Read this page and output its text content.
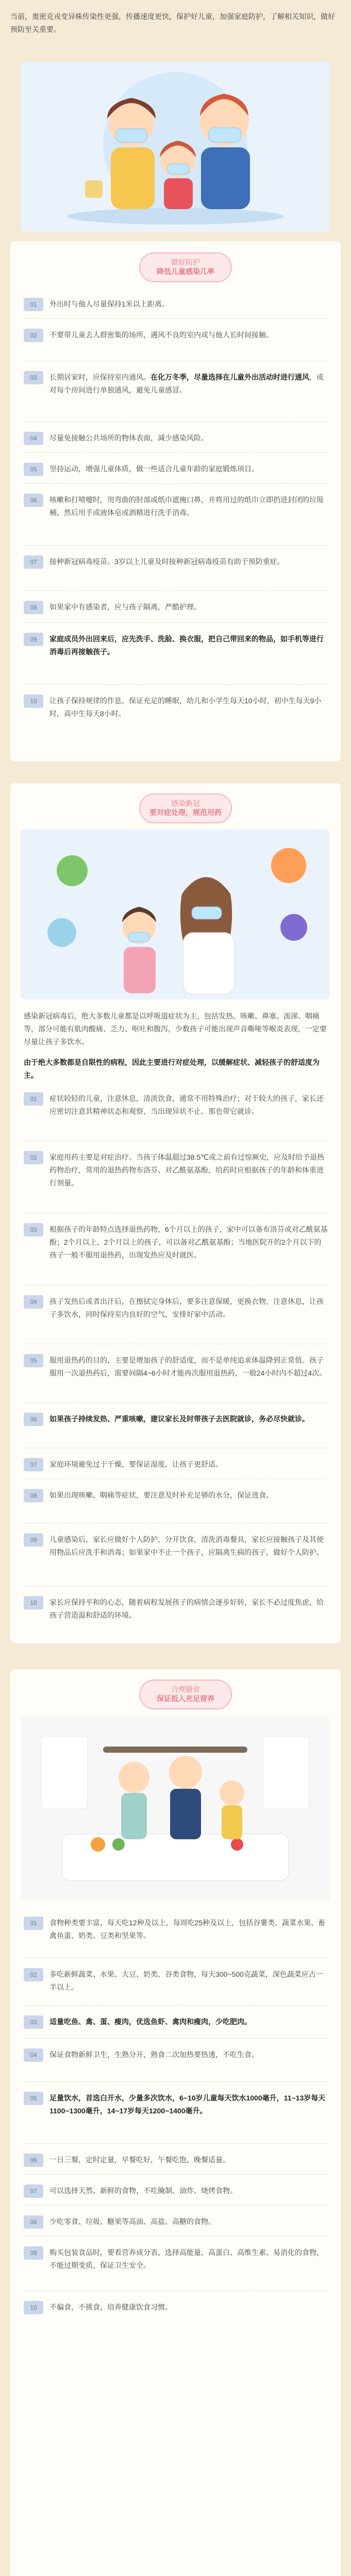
当前，奥密克戎变异株传染性更强，传播速度更快，保护好儿童，加强家庭防护，了解相关知识，做好预防至关重要。
做好防护
降低儿童感染几率
01	外出时与他人尽量保持1米以上距离。
02	不要带儿童去人群密集的场所，遇风不良的室内或与他人长时间接触。
03	长期居家时，应保持室内通风。在化万冬季，尽量选择在儿童外出活动时进行通风，或对每个房间进行单独通风，避免儿童感冒。
04	尽量免接触公共场所的物体表面，减少感染风险。
05	坚持运动，增强儿童体质，做一些适合儿童年龄的家庭锻炼项目。
06	咳嗽和打喷嚏时，用弯曲的肘部或纸巾遮掩口鼻，并将用过的纸巾立即扔进封闭的垃圾桶，然后用手或液体皂或酒精进行洗手消毒。
07	接种新冠病毒疫苗。3岁以上儿童及时接种新冠病毒疫苗有助于预防重症。
08	如果家中有感染者，应与孩子隔离，严酷护理。
09	家庭成员外出回来后，应先洗手、洗脸、换衣服，把自己带回来的物品，如手机等进行消毒后再接触孩子。
10	让孩子保持规律的作息，保证充足的睡眠，幼儿和小学生每天10小时，初中生每天9小时，高中生每天8小时。
感染新冠
要对症处理，规范用药
感染新冠病毒后，绝大多数儿童都是以呼吸道症状为主，包括发热、咳嗽、鼻塞、流涕、咽痛等，部分可能有肌肉酸痛、乏力、呕吐和腹泻，少数孩子可能出现声音嘶哑等喉炎表现，一定要尽量让孩子多饮水。
由于绝大多数都是自限性的病程，因此主要进行对症处理，以缓解症状、减轻孩子的舒适度为主。
01	症状较轻的儿童，注意休息，清淡饮食，通常不用特殊治疗；对于较大的孩子，家长还应密切注意其精神状态和观察，当出现异状不止、那也带它就诊。
02	家庭用药主要是对症治疗。当孩子体温超过38.5℃或之前有过惊厥史，应及时给予退热药物治疗，常用的退热药物布洛芬、对乙酰氨基酚，给药时应根据孩子的年龄和体重进行剂量。
03	根据孩子的年龄特点选择退热药物，6个月以上的孩子，家中可以备布洛芬或对乙酰氨基酚；2个月以上，2个月以上的孩子，可以备对乙酰氨基酚；当地医院开的2个月以下的孩子一般不服用退热药，出现发热应及时就医。
04	孩子发热后或者出汗后，在擦拭完身体后，要多注意保暖，更换衣物，注意休息，让孩子多饮水，同时保持室内良好的空气，安排好家中活动。
05	服用退热药的目的，主要是增加孩子的舒适度，而不是单纯追求体温降到正常值。孩子服用一次退热药后，需要间隔4~6小时才能再次服用退热药，一般24小时内不超过4次。
06	如果孩子持续发热、严重咳嗽，建议家长及时带孩子去医院就诊，务必尽快就诊。
07	家庭环境避免过于干燥，要保证湿度，让孩子更舒适。
08	如果出现咳嗽、咽痛等症状，要注意及时补充足够的水分，保证进食。
09	儿童感染后，家长应做好个人防护，分开饮食，清洗消毒餐具，家长应接触孩子及其使用物品后应洗手和消毒；如果家中不止一个孩子，应隔离生病的孩子，做好个人防护。
10	家长应保持平和的心态，随着病程发展孩子的病情会逐步好转，家长不必过度焦虑，给孩子营造温和舒适的环境。
合理膳食
保证抵入充足营养
01	食物种类要丰富，每天吃12种及以上，每周吃25种及以上，包括谷薯类、蔬菜水果、畜禽鱼蛋、奶类、豆类和坚果等。
02	多吃新鲜蔬菜、水果、大豆、奶类、谷类食物，每天300~500克蔬菜，深色蔬菜应占一半以上。
03	适量吃鱼、禽、蛋、瘦肉，优选鱼虾、禽肉和瘦肉，少吃肥肉。
04	保证食物新鲜卫生，生熟分开，熟食二次加热要热透，不吃生食。
05	足量饮水，首选白开水，少量多次饮水，6~10岁儿童每天饮水1000毫升，11~13岁每天1100~1300毫升，14~17岁每天1200~1400毫升。
06	一日三餐，定时定量，早餐吃好，午餐吃饱，晚餐适量。
07	可以选择天然、新鲜的食物，不吃腌制、油炸、烧烤食物。
08	少吃零食、垃圾、糖果等高油、高盐、高糖的食物。
09	购买包装食品时，要看营养成分表，选择高能量、高蛋白、高维生素、易消化的食物，不能过期变质，保证卫生安全。
10	不偏食，不挑食，培养健康饮食习惯。
